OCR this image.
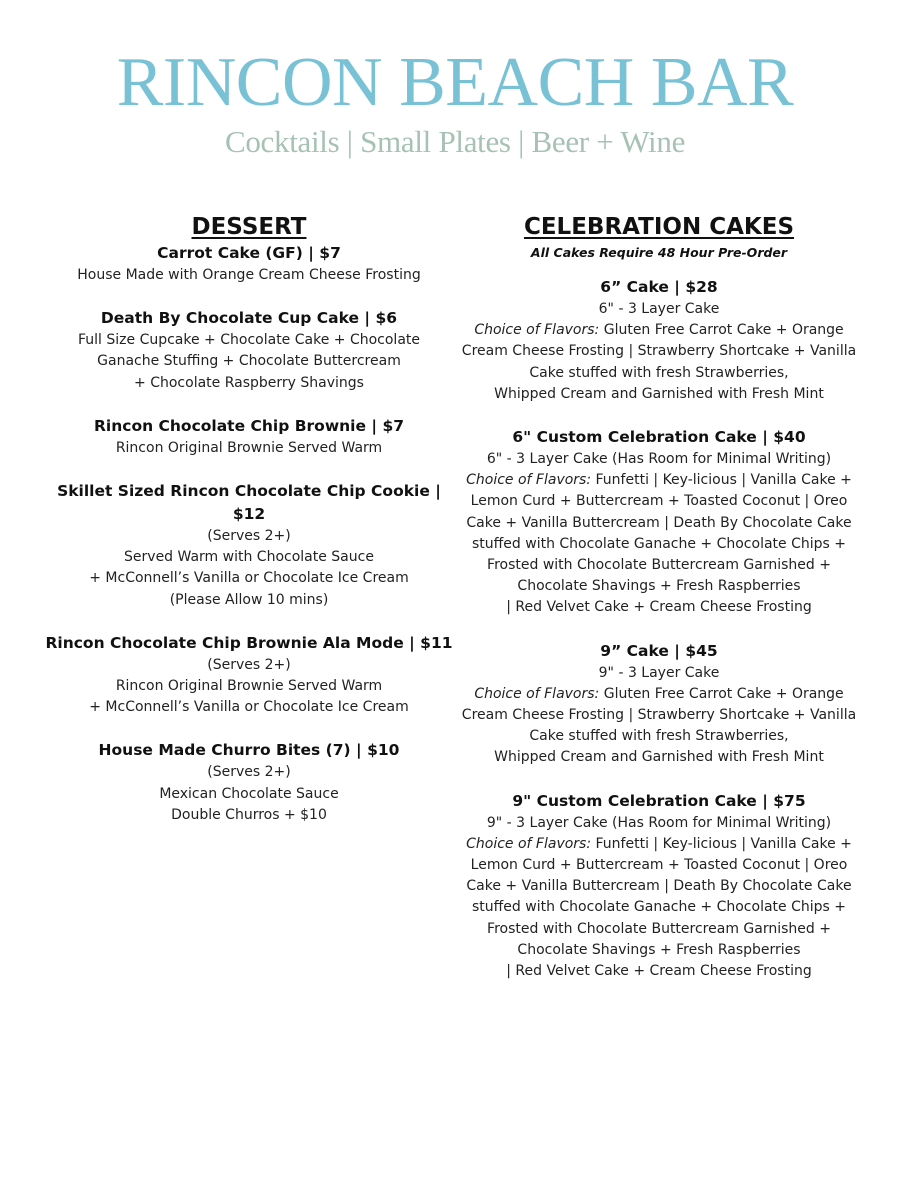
RINCON BEACH BAR
Cocktails | Small Plates | Beer + Wine
DESSERT
Carrot Cake (GF) | $7
House Made with Orange Cream Cheese Frosting
Death By Chocolate Cup Cake | $6
Full Size Cupcake + Chocolate Cake + Chocolate
Ganache Stuffing + Chocolate Buttercream
+ Chocolate Raspberry Shavings
Rincon Chocolate Chip Brownie | $7
Rincon Original Brownie Served Warm
Skillet Sized Rincon Chocolate Chip Cookie | $12
(Serves 2+)
Served Warm with Chocolate Sauce
+ McConnell’s Vanilla or Chocolate Ice Cream
(Please Allow 10 mins)
Rincon Chocolate Chip Brownie Ala Mode | $11
(Serves 2+)
Rincon Original Brownie Served Warm
+ McConnell’s Vanilla or Chocolate Ice Cream
House Made Churro Bites (7) | $10
(Serves 2+)
Mexican Chocolate Sauce
Double Churros + $10
CELEBRATION CAKES
All Cakes Require 48 Hour Pre-Order
6” Cake | $28
6" - 3 Layer Cake
Choice of Flavors: Gluten Free Carrot Cake + Orange
Cream Cheese Frosting | Strawberry Shortcake + Vanilla
Cake stuffed with fresh Strawberries,
Whipped Cream and Garnished with Fresh Mint
6" Custom Celebration Cake | $40
6" - 3 Layer Cake (Has Room for Minimal Writing)
Choice of Flavors: Funfetti | Key-licious | Vanilla Cake +
Lemon Curd + Buttercream + Toasted Coconut | Oreo
Cake + Vanilla Buttercream | Death By Chocolate Cake
stuffed with Chocolate Ganache + Chocolate Chips +
Frosted with Chocolate Buttercream Garnished +
Chocolate Shavings + Fresh Raspberries
| Red Velvet Cake + Cream Cheese Frosting
9” Cake | $45
9" - 3 Layer Cake
Choice of Flavors: Gluten Free Carrot Cake + Orange
Cream Cheese Frosting | Strawberry Shortcake + Vanilla
Cake stuffed with fresh Strawberries,
Whipped Cream and Garnished with Fresh Mint
9" Custom Celebration Cake | $75
9" - 3 Layer Cake (Has Room for Minimal Writing)
Choice of Flavors: Funfetti | Key-licious | Vanilla Cake +
Lemon Curd + Buttercream + Toasted Coconut | Oreo
Cake + Vanilla Buttercream | Death By Chocolate Cake
stuffed with Chocolate Ganache + Chocolate Chips +
Frosted with Chocolate Buttercream Garnished +
Chocolate Shavings + Fresh Raspberries
| Red Velvet Cake + Cream Cheese Frosting
